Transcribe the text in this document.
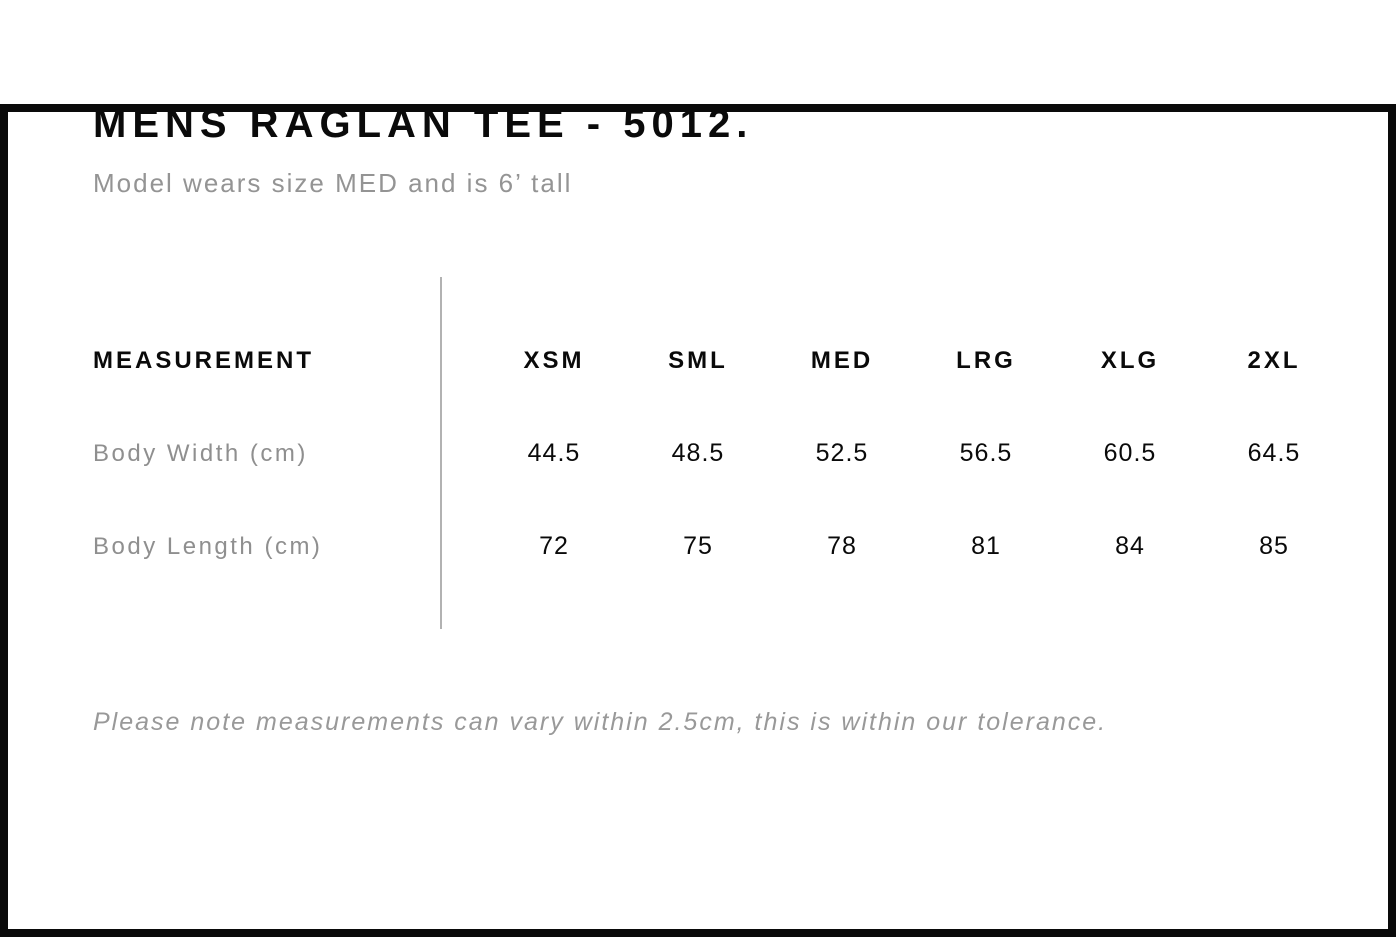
MENS RAGLAN TEE - 5012.

Model wears size MED and is 6’ tall

MEASUREMENT	XSM	SML	MED	LRG	XLG	2XL
Body Width (cm)	44.5	48.5	52.5	56.5	60.5	64.5
Body Length (cm)	72	75	78	81	84	85

Please note measurements can vary within 2.5cm, this is within our tolerance.
